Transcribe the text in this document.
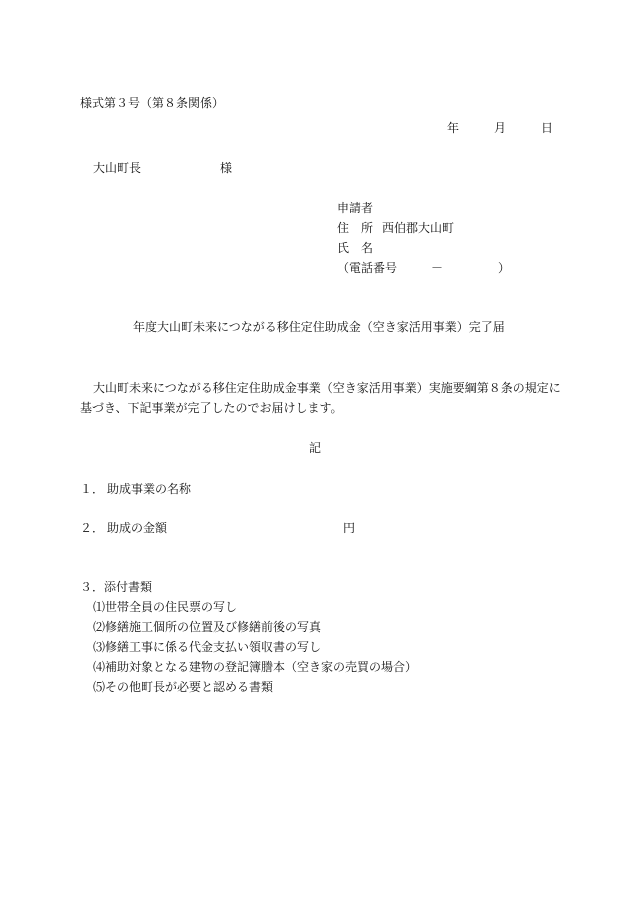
様式第３号（第８条関係）
年	月	日
大山町長	様
申請者
住　所 西伯郡大山町
氏　名
（電話番号	－	）
年度大山町未来につながる移住定住助成金（空き家活用事業）完了届
大山町未来につながる移住定住助成金事業（空き家活用事業）実施要綱第８条の規定に
基づき、下記事業が完了したのでお届けします。
記
１． 助成事業の名称
２． 助成の金額	円
３．添付書類
⑴世帯全員の住民票の写し
⑵修繕施工個所の位置及び修繕前後の写真
⑶修繕工事に係る代金支払い領収書の写し
⑷補助対象となる建物の登記簿謄本（空き家の売買の場合）
⑸その他町長が必要と認める書類
